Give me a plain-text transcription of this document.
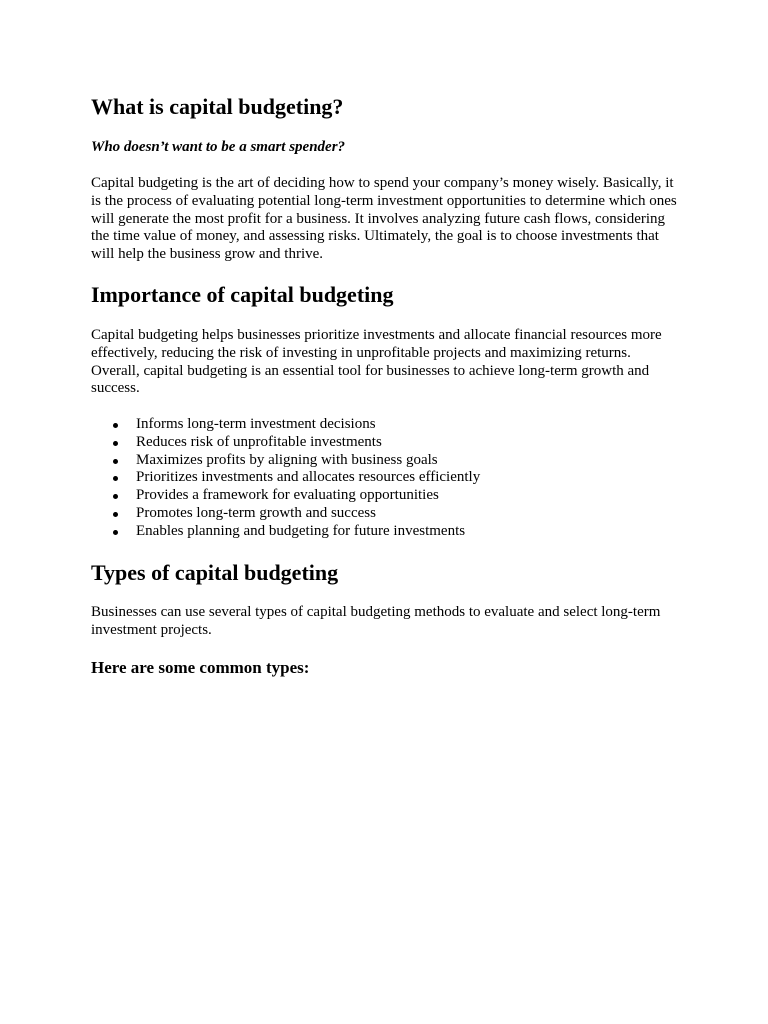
What is capital budgeting?

Who doesn’t want to be a smart spender?

Capital budgeting is the art of deciding how to spend your company’s money wisely. Basically, it is the process of evaluating potential long-term investment opportunities to determine which ones will generate the most profit for a business. It involves analyzing future cash flows, considering the time value of money, and assessing risks. Ultimately, the goal is to choose investments that will help the business grow and thrive.

Importance of capital budgeting

Capital budgeting helps businesses prioritize investments and allocate financial resources more effectively, reducing the risk of investing in unprofitable projects and maximizing returns. Overall, capital budgeting is an essential tool for businesses to achieve long-term growth and success.

Informs long-term investment decisions
Reduces risk of unprofitable investments
Maximizes profits by aligning with business goals
Prioritizes investments and allocates resources efficiently
Provides a framework for evaluating opportunities
Promotes long-term growth and success
Enables planning and budgeting for future investments
Types of capital budgeting

Businesses can use several types of capital budgeting methods to evaluate and select long-term investment projects.

Here are some common types:
